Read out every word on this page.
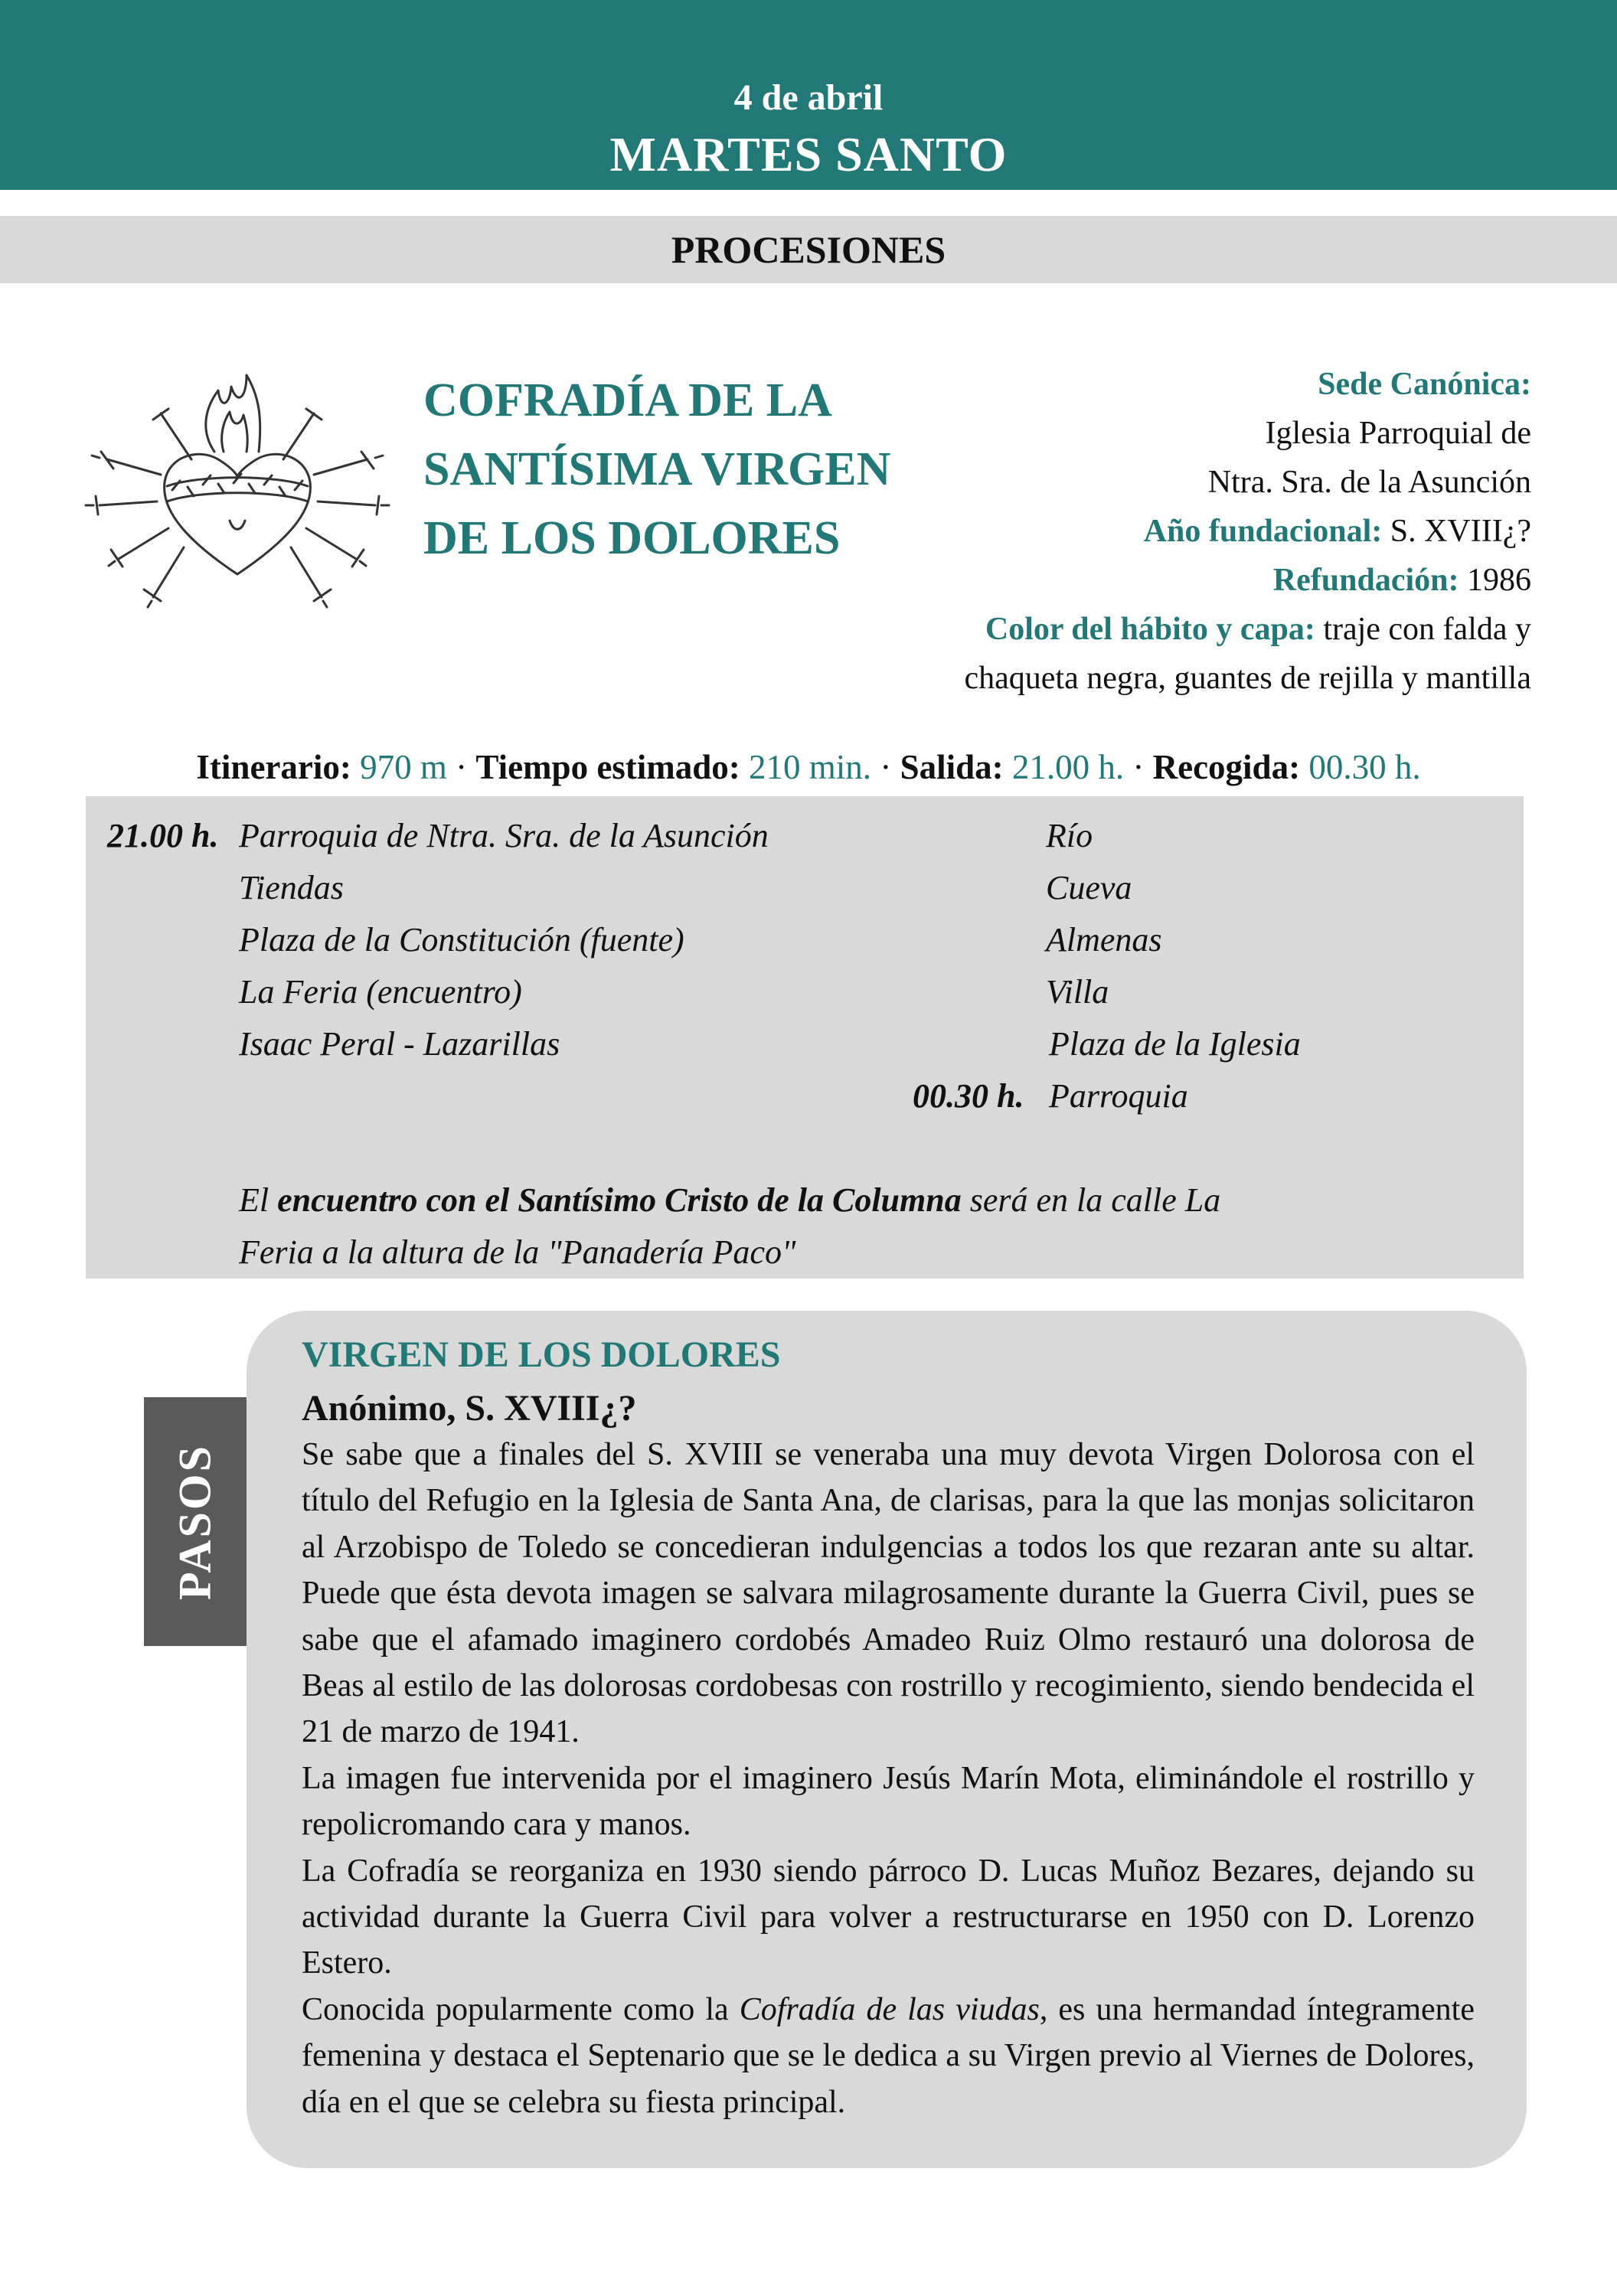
4 de abril
MARTES SANTO
PROCESIONES
COFRADÍA DE LA
SANTÍSIMA VIRGEN
DE LOS DOLORES
Sede Canónica:
Iglesia Parroquial de
Ntra. Sra. de la Asunción
Año fundacional: S. XVIII¿?
Refundación: 1986
Color del hábito y capa: traje con falda y
chaqueta negra, guantes de rejilla y mantilla
Itinerario: 970 m · Tiempo estimado: 210 min. · Salida: 21.00 h. · Recogida: 00.30 h.
21.00 h. Parroquia de Ntra. Sra. de la Asunción
Tiendas
Plaza de la Constitución (fuente)
La Feria (encuentro)
Isaac Peral - Lazarillas
Río
Cueva
Almenas
Villa
Plaza de la Iglesia
00.30 h. Parroquia
El encuentro con el Santísimo Cristo de la Columna será en la calle La
Feria a la altura de la "Panadería Paco"
PASOS
VIRGEN DE LOS DOLORES
Anónimo, S. XVIII¿?

Se sabe que a finales del S. XVIII se veneraba una muy devota Virgen Dolorosa con el título del Refugio en la Iglesia de Santa Ana, de clarisas, para la que las monjas solicitaron al Arzobispo de Toledo se concedieran indulgencias a todos los que rezaran ante su altar. Puede que ésta devota imagen se salvara milagrosamente durante la Guerra Civil, pues se sabe que el afamado imaginero cordobés Amadeo Ruiz Olmo restauró una dolorosa de Beas al estilo de las dolorosas cordobesas con rostrillo y recogimiento, siendo bendecida el 21 de marzo de 1941.

La imagen fue intervenida por el imaginero Jesús Marín Mota, eliminándole el rostrillo y repolicromando cara y manos.

La Cofradía se reorganiza en 1930 siendo párroco D. Lucas Muñoz Bezares, dejando su actividad durante la Guerra Civil para volver a restructurarse en 1950 con D. Lorenzo Estero.

Conocida popularmente como la Cofradía de las viudas, es una hermandad íntegramente femenina y destaca el Septenario que se le dedica a su Virgen previo al Viernes de Dolores, día en el que se celebra su fiesta principal.
